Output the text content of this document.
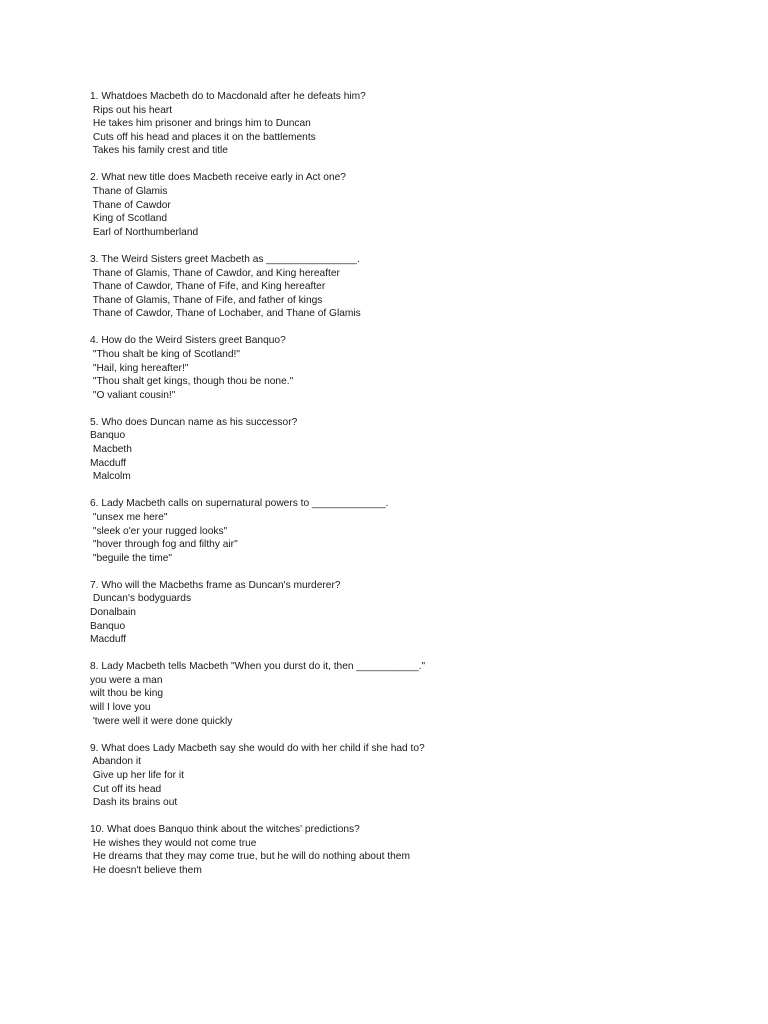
1. Whatdoes Macbeth do to Macdonald after he defeats him?

Rips out his heart

He takes him prisoner and brings him to Duncan

Cuts off his head and places it on the battlements

Takes his family crest and title

2. What new title does Macbeth receive early in Act one?

Thane of Glamis

Thane of Cawdor

King of Scotland

Earl of Northumberland

3. The Weird Sisters greet Macbeth as ________________.

Thane of Glamis, Thane of Cawdor, and King hereafter

Thane of Cawdor, Thane of Fife, and King hereafter

Thane of Glamis, Thane of Fife, and father of kings

Thane of Cawdor, Thane of Lochaber, and Thane of Glamis

4. How do the Weird Sisters greet Banquo?

"Thou shalt be king of Scotland!"

"Hail, king hereafter!"

"Thou shalt get kings, though thou be none."

"O valiant cousin!"

5. Who does Duncan name as his successor?

Banquo

Macbeth

Macduff

Malcolm

6. Lady Macbeth calls on supernatural powers to _____________.

"unsex me here"

"sleek o'er your rugged looks"

"hover through fog and filthy air"

"beguile the time"

7. Who will the Macbeths frame as Duncan's murderer?

Duncan's bodyguards

Donalbain

Banquo

Macduff

8. Lady Macbeth tells Macbeth "When you durst do it, then ___________."

you were a man

wilt thou be king

will I love you

'twere well it were done quickly

9. What does Lady Macbeth say she would do with her child if she had to?

Abandon it

Give up her life for it

Cut off its head

Dash its brains out

10. What does Banquo think about the witches' predictions?

He wishes they would not come true

He dreams that they may come true, but he will do nothing about them

He doesn't believe them
